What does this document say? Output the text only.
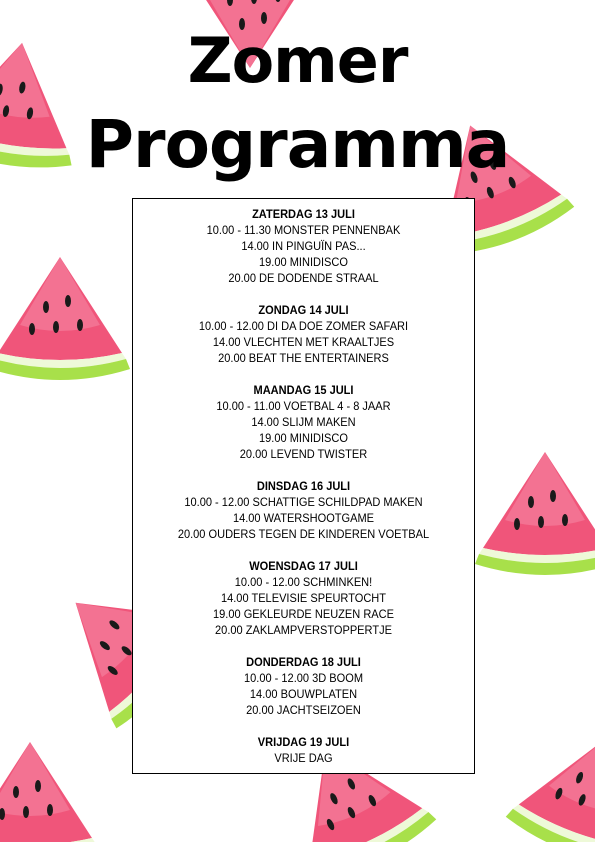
Zomer
Programma
ZATERDAG 13 JULI
10.00 - 11.30 MONSTER PENNENBAK
14.00 IN PINGUÏN PAS...
19.00 MINIDISCO
20.00 DE DODENDE STRAAL
ZONDAG 14 JULI
10.00 - 12.00 DI DA DOE ZOMER SAFARI
14.00 VLECHTEN MET KRAALTJES
20.00 BEAT THE ENTERTAINERS
MAANDAG 15 JULI
10.00 - 11.00 VOETBAL 4 - 8 JAAR
14.00 SLIJM MAKEN
19.00 MINIDISCO
20.00 LEVEND TWISTER
DINSDAG 16 JULI
10.00 - 12.00 SCHATTIGE SCHILDPAD MAKEN
14.00 WATERSHOOTGAME
20.00 OUDERS TEGEN DE KINDEREN VOETBAL
WOENSDAG 17 JULI
10.00 - 12.00 SCHMINKEN!
14.00 TELEVISIE SPEURTOCHT
19.00 GEKLEURDE NEUZEN RACE
20.00 ZAKLAMPVERSTOPPERTJE
DONDERDAG 18 JULI
10.00 - 12.00 3D BOOM
14.00 BOUWPLATEN
20.00 JACHTSEIZOEN
VRIJDAG 19 JULI
VRIJE DAG
